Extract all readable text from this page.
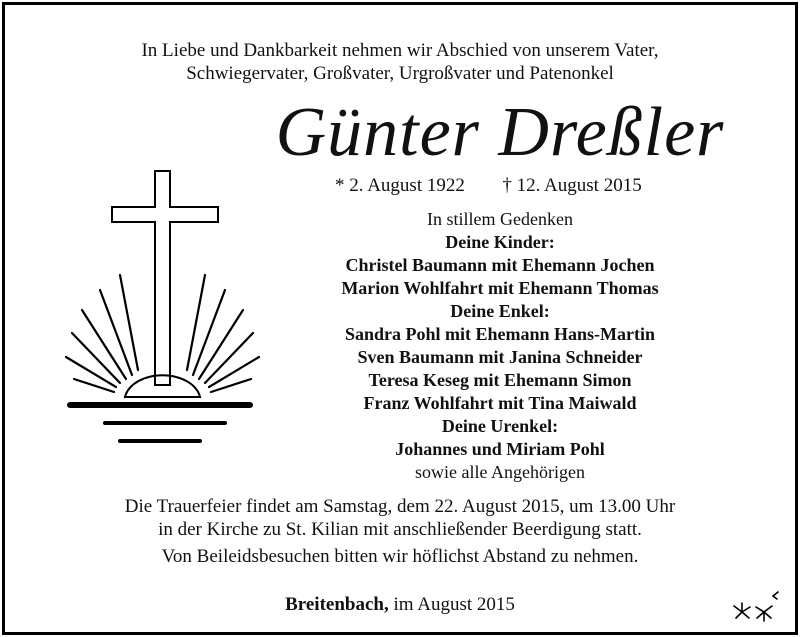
In Liebe und Dankbarkeit nehmen wir Abschied von unserem Vater,
Schwiegervater, Großvater, Urgroßvater und Patenonkel
Günter Dreßler
* 2. August 1922 † 12. August 2015
In stillem Gedenken
Deine Kinder:
Christel Baumann mit Ehemann Jochen
Marion Wohlfahrt mit Ehemann Thomas
Deine Enkel:
Sandra Pohl mit Ehemann Hans-Martin
Sven Baumann mit Janina Schneider
Teresa Keseg mit Ehemann Simon
Franz Wohlfahrt mit Tina Maiwald
Deine Urenkel:
Johannes und Miriam Pohl
sowie alle Angehörigen
Die Trauerfeier findet am Samstag, dem 22. August 2015, um 13.00 Uhr
in der Kirche zu St. Kilian mit anschließender Beerdigung statt.
Von Beileidsbesuchen bitten wir höflichst Abstand zu nehmen.
Breitenbach, im August 2015
